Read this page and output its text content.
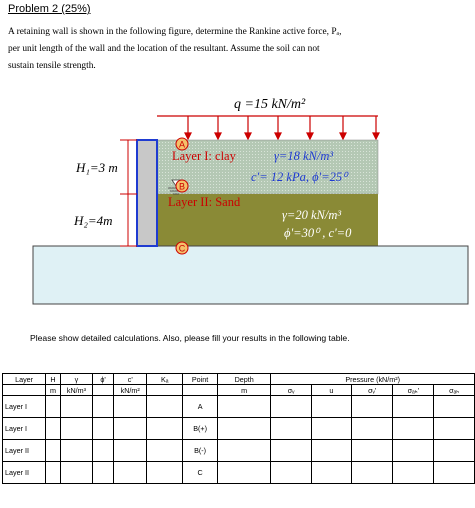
Problem 2 (25%)
A retaining wall is shown in the following figure, determine the Rankine active force, Pₐ,
per unit length of the wall and the location of the resultant. Assume the soil can not
sustain tensile strength.
q =15 kN/m²
H₁=3 m
H₂=4m
A
B
C
Layer I: clay	γ=18 kN/m³
c'= 12 kPa, ϕ'=25⁰
Layer II: Sand
γ=20 kN/m³
ϕ'=30⁰ , c'=0
Please show detailed calculations. Also, please fill your results in the following table.
Layer	H	γ	ϕ'	c'	Kₐ	Point	Depth	Pressure (kN/m²)				
	m	kN/m³		kN/m²			m	σᵥ	u	σᵥ'	σₐₕ'	σₐₕ
Layer I						A						
Layer I						B(+)						
Layer II						B(-)						
Layer II						C						
